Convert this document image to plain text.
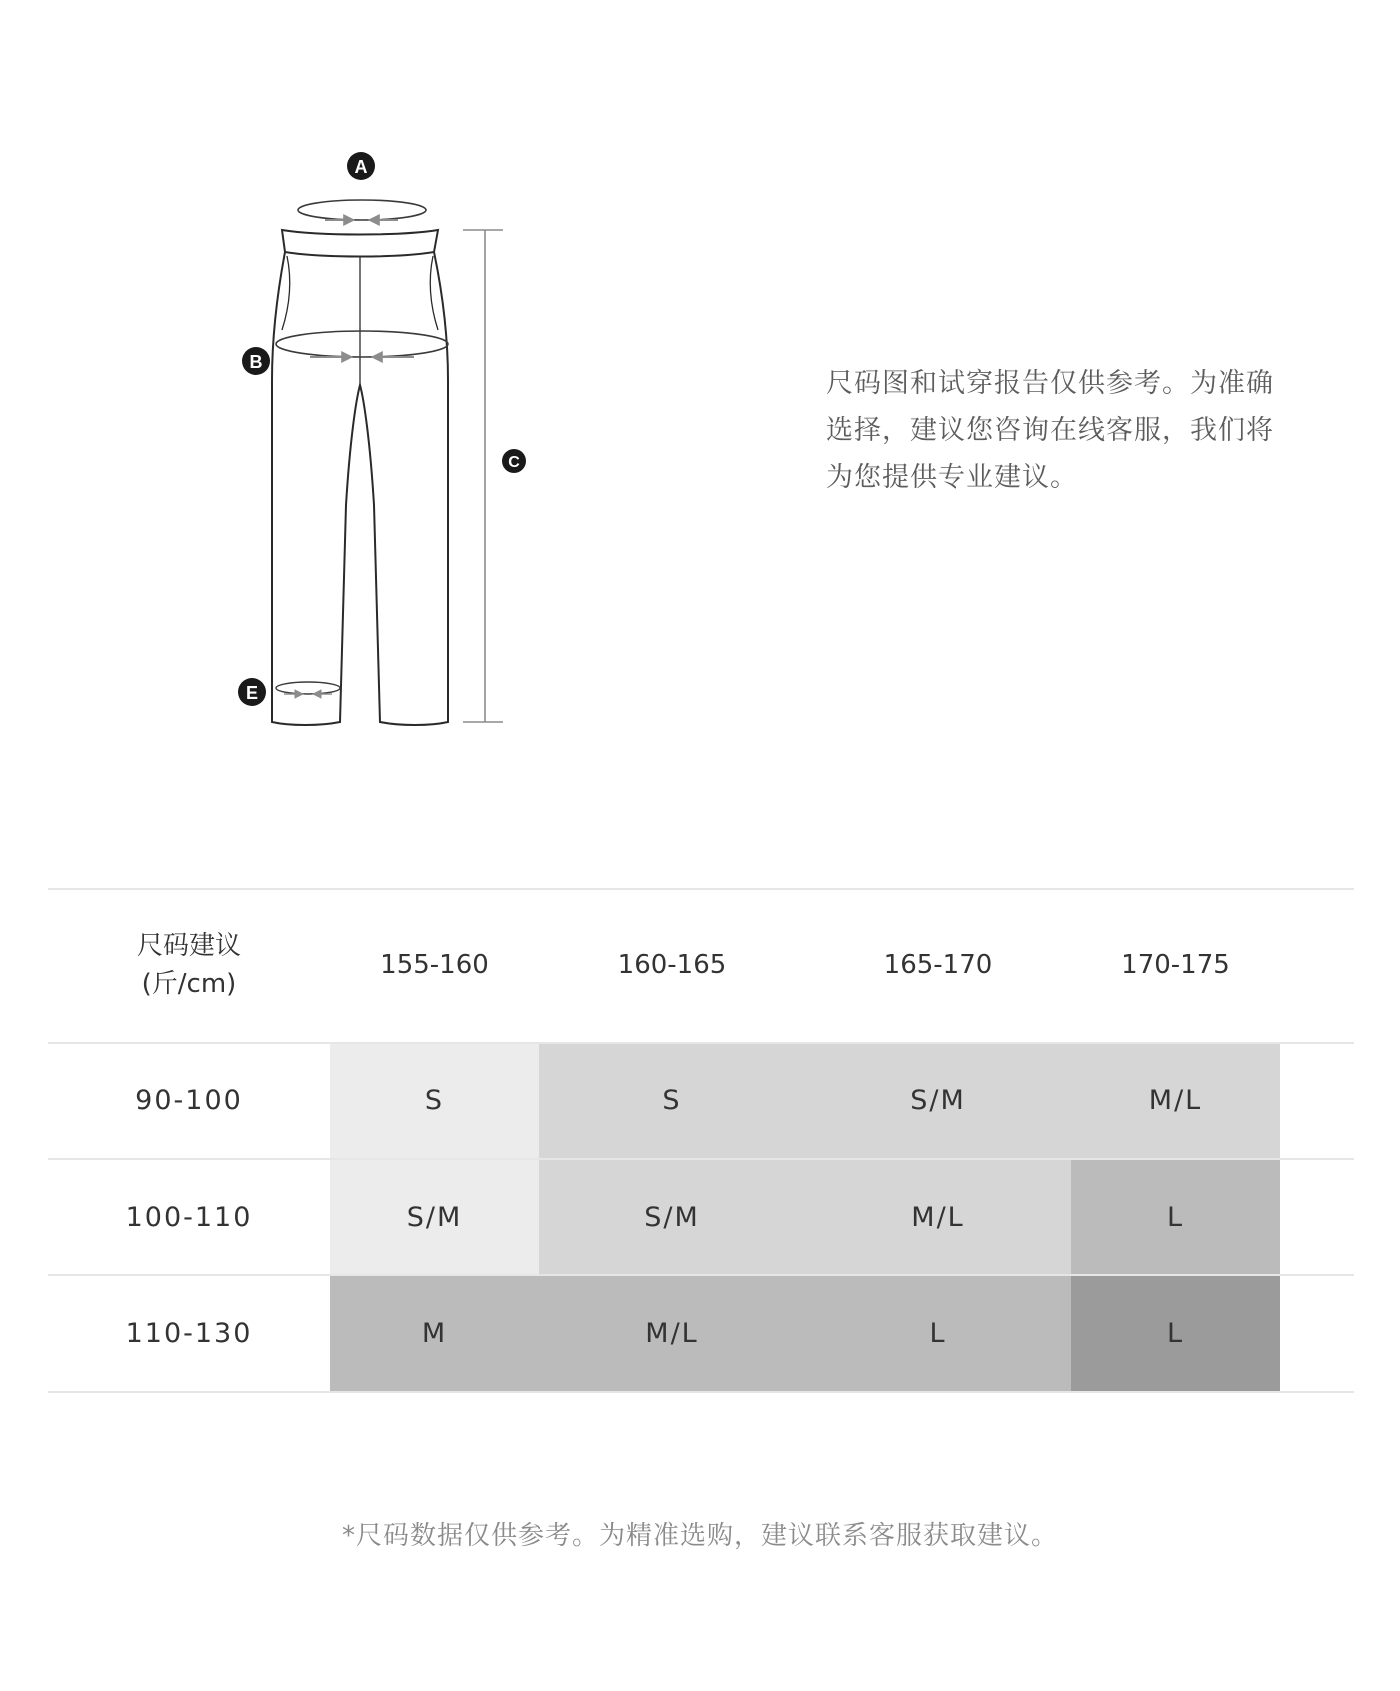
A
B
C
E
尺码图和试穿报告仅供参考。为准确
选择，建议您咨询在线客服，我们将
为您提供专业建议。
尺码建议
(斤/cm)
155-160	160-165	165-170	170-175
90-100	S	S	S/M	M/L
100-110	S/M	S/M	M/L	L
110-130	M	M/L	L	L
*尺码数据仅供参考。为精准选购，建议联系客服获取建议。
